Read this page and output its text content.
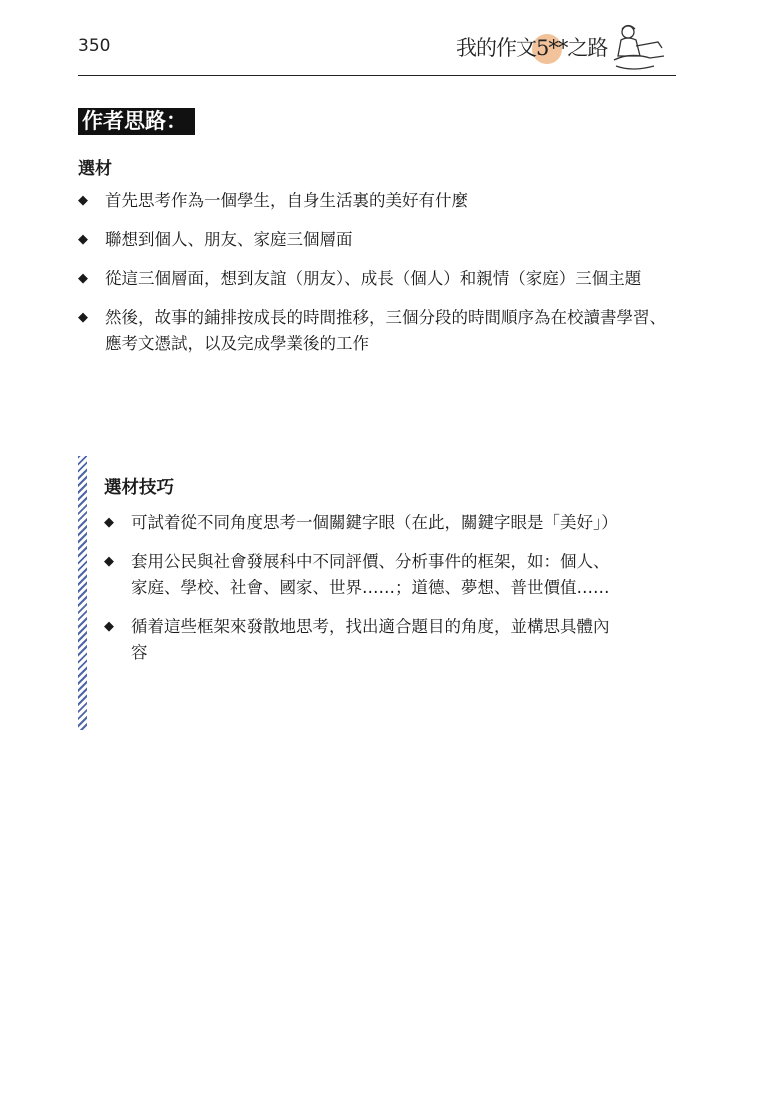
350	我的作文5**之路
作者思路：
選材
◆ 首先思考作為一個學生，自身生活裏的美好有什麼
◆ 聯想到個人、朋友、家庭三個層面
◆ 從這三個層面，想到友誼（朋友）、成長（個人）和親情（家庭）三個主題
◆ 然後，故事的鋪排按成長的時間推移，三個分段的時間順序為在校讀書學習、應考文憑試，以及完成學業後的工作
選材技巧
◆ 可試着從不同角度思考一個關鍵字眼（在此，關鍵字眼是「美好」）
◆ 套用公民與社會發展科中不同評價、分析事件的框架，如：個人、家庭、學校、社會、國家、世界……；道德、夢想、普世價值……
◆ 循着這些框架來發散地思考，找出適合題目的角度，並構思具體內容
